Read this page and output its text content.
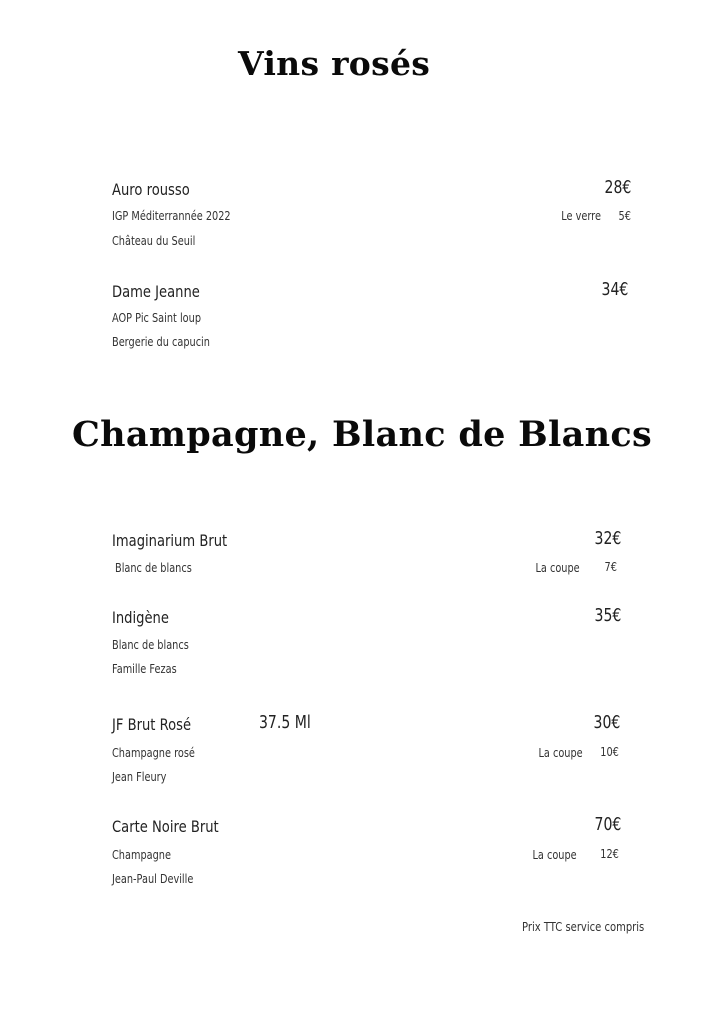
Vins rosés
Auro rousso
IGP Méditerrannée 2022
Château du Seuil
28€
Le verre 5€
Dame Jeanne
AOP Pic Saint loup
Bergerie du capucin
34€
Champagne, Blanc de Blancs
Imaginarium Brut
Blanc de blancs
32€
La coupe 7€
Indigène
Blanc de blancs
Famille Fezas
35€
JF Brut Rosé	37.5 Ml
Champagne rosé
Jean Fleury
30€
La coupe 10€
Carte Noire Brut
Champagne
Jean-Paul Deville
70€
La coupe 12€
Prix TTC service compris
